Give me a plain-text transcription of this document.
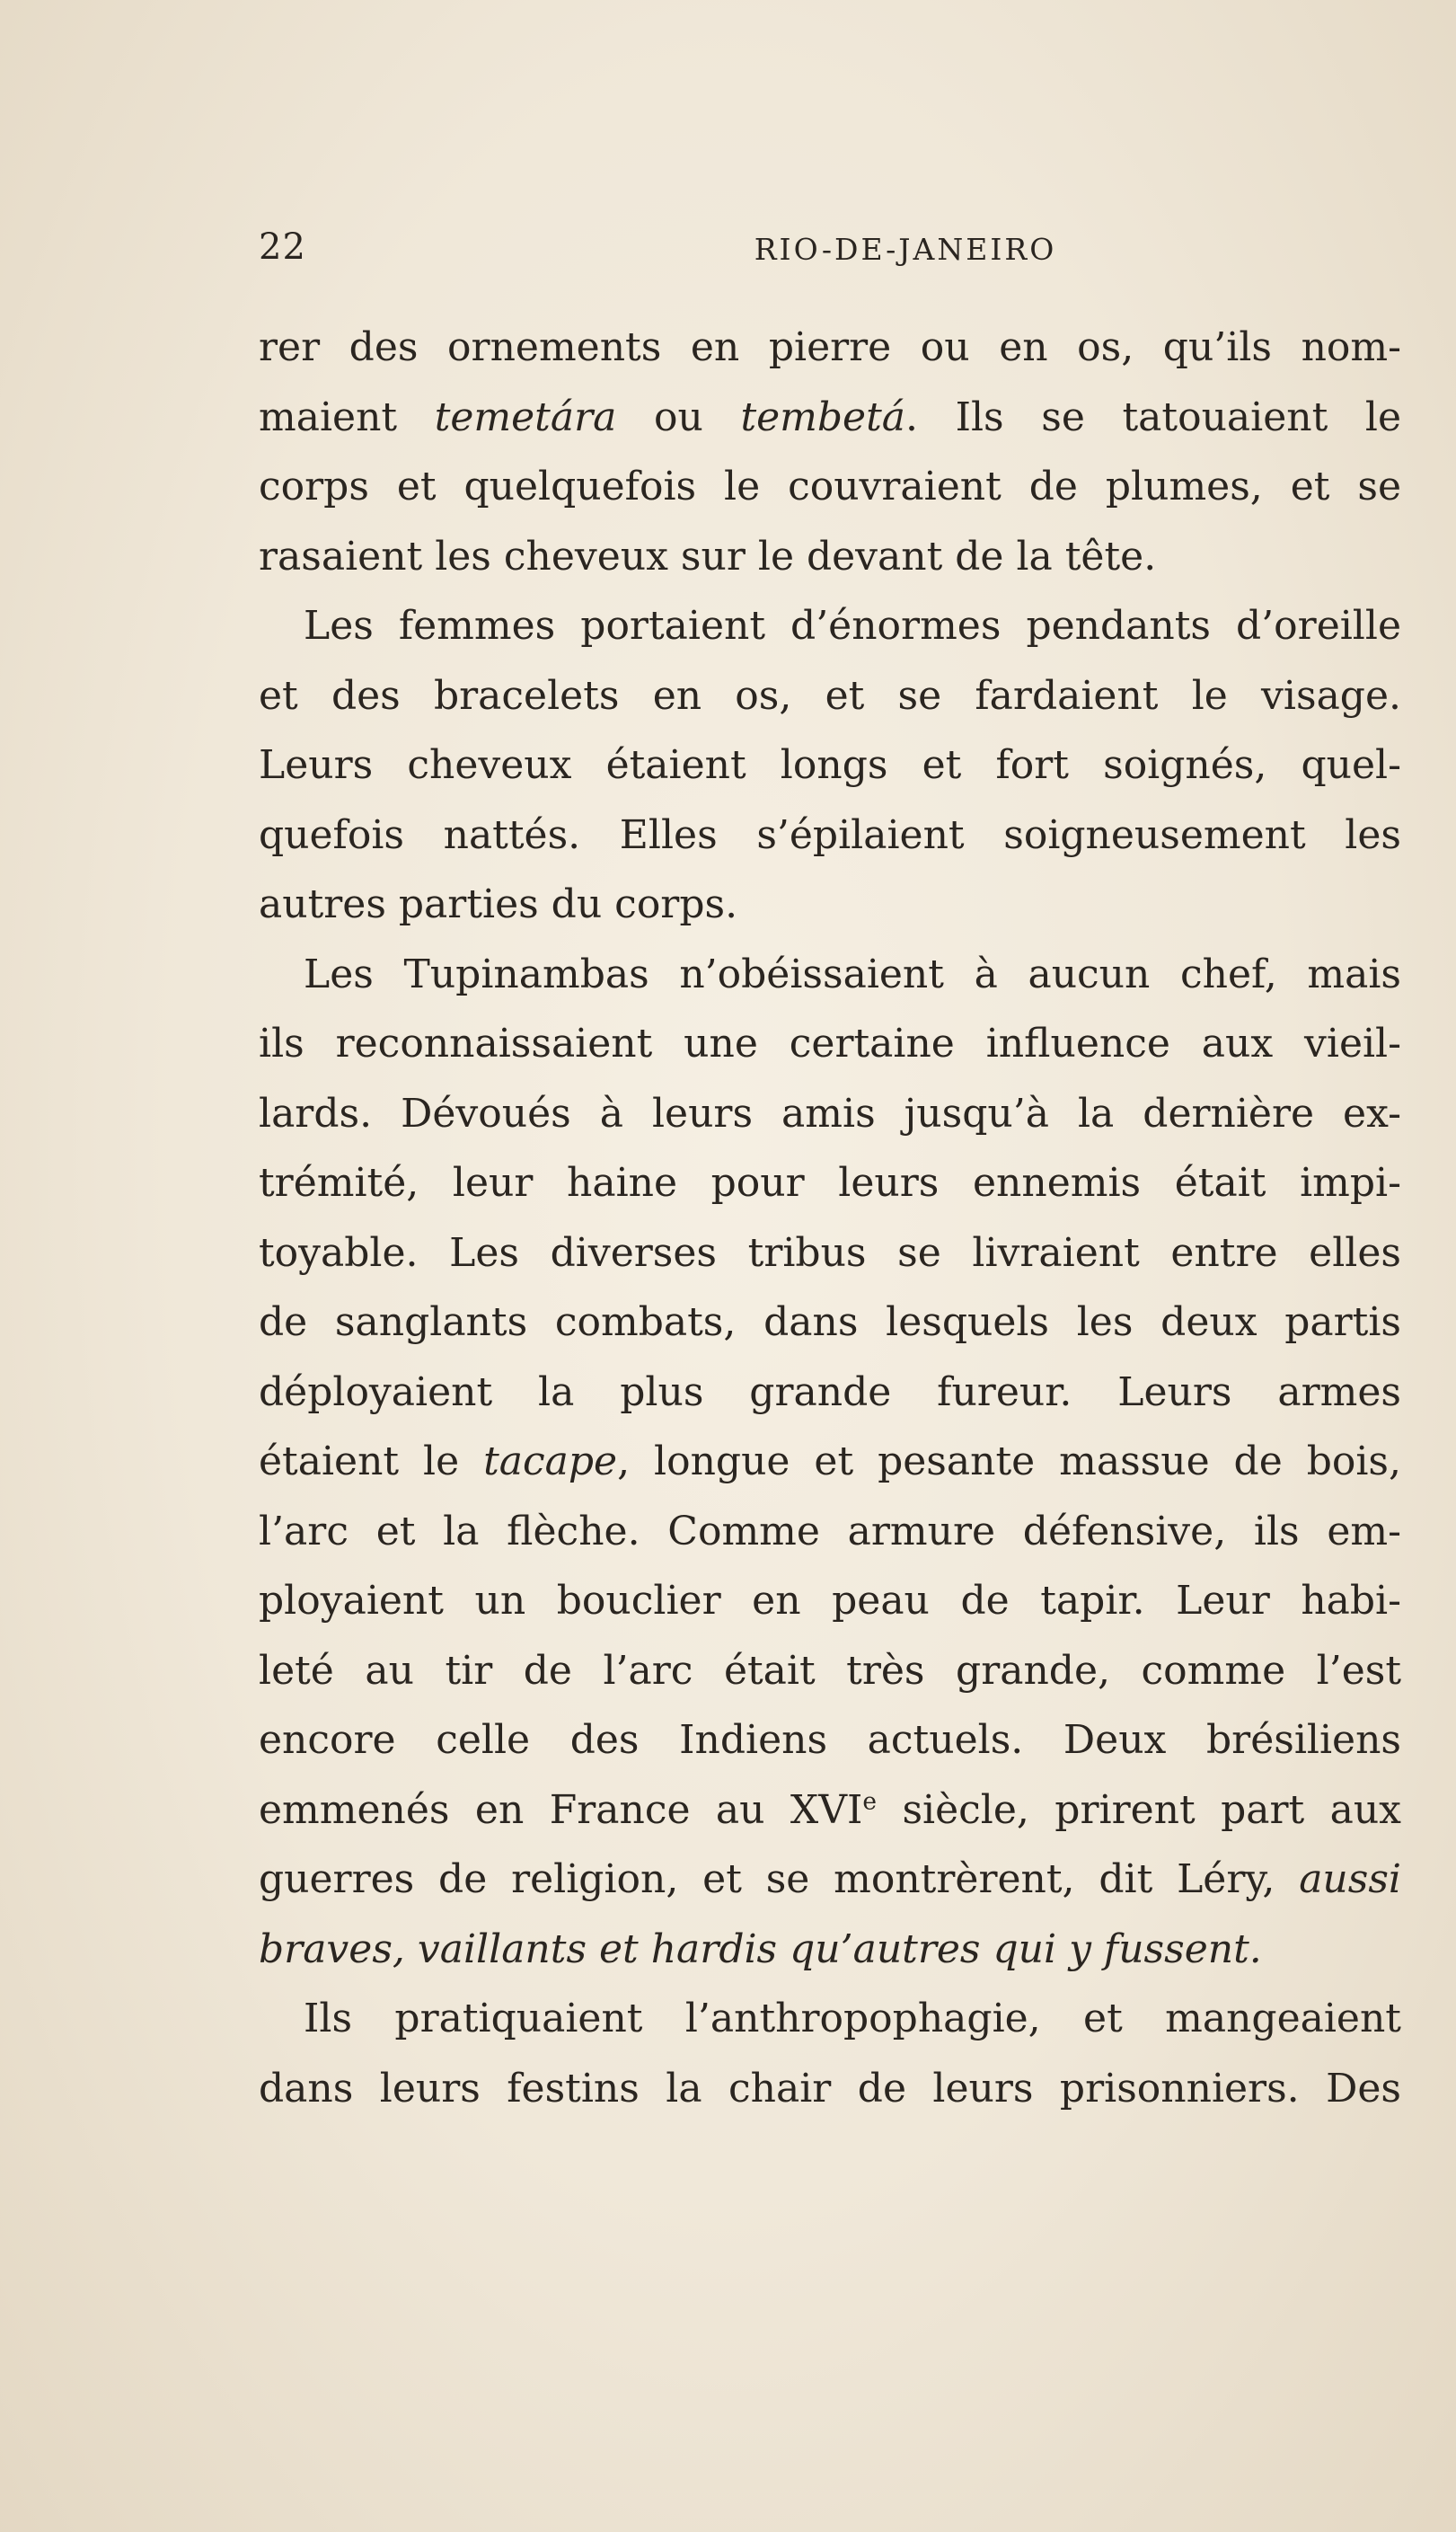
22	RIO-DE-JANEIRO
rer des ornements en pierre ou en os, qu’ils nom-
maient temetára ou tembetá. Ils se tatouaient le
corps et quelquefois le couvraient de plumes, et se
rasaient les cheveux sur le devant de la tête.
Les femmes portaient d’énormes pendants d’oreille
et des bracelets en os, et se fardaient le visage.
Leurs cheveux étaient longs et fort soignés, quel-
quefois nattés. Elles s’épilaient soigneusement les
autres parties du corps.
Les Tupinambas n’obéissaient à aucun chef, mais
ils reconnaissaient une certaine influence aux vieil-
lards. Dévoués à leurs amis jusqu’à la dernière ex-
trémité, leur haine pour leurs ennemis était impi-
toyable. Les diverses tribus se livraient entre elles
de sanglants combats, dans lesquels les deux partis
déployaient la plus grande fureur. Leurs armes
étaient le tacape, longue et pesante massue de bois,
l’arc et la flèche. Comme armure défensive, ils em-
ployaient un bouclier en peau de tapir. Leur habi-
leté au tir de l’arc était très grande, comme l’est
encore celle des Indiens actuels. Deux brésiliens
emmenés en France au XVIe siècle, prirent part aux
guerres de religion, et se montrèrent, dit Léry, aussi
braves, vaillants et hardis qu’autres qui y fussent.
Ils pratiquaient l’anthropophagie, et mangeaient
dans leurs festins la chair de leurs prisonniers. Des
